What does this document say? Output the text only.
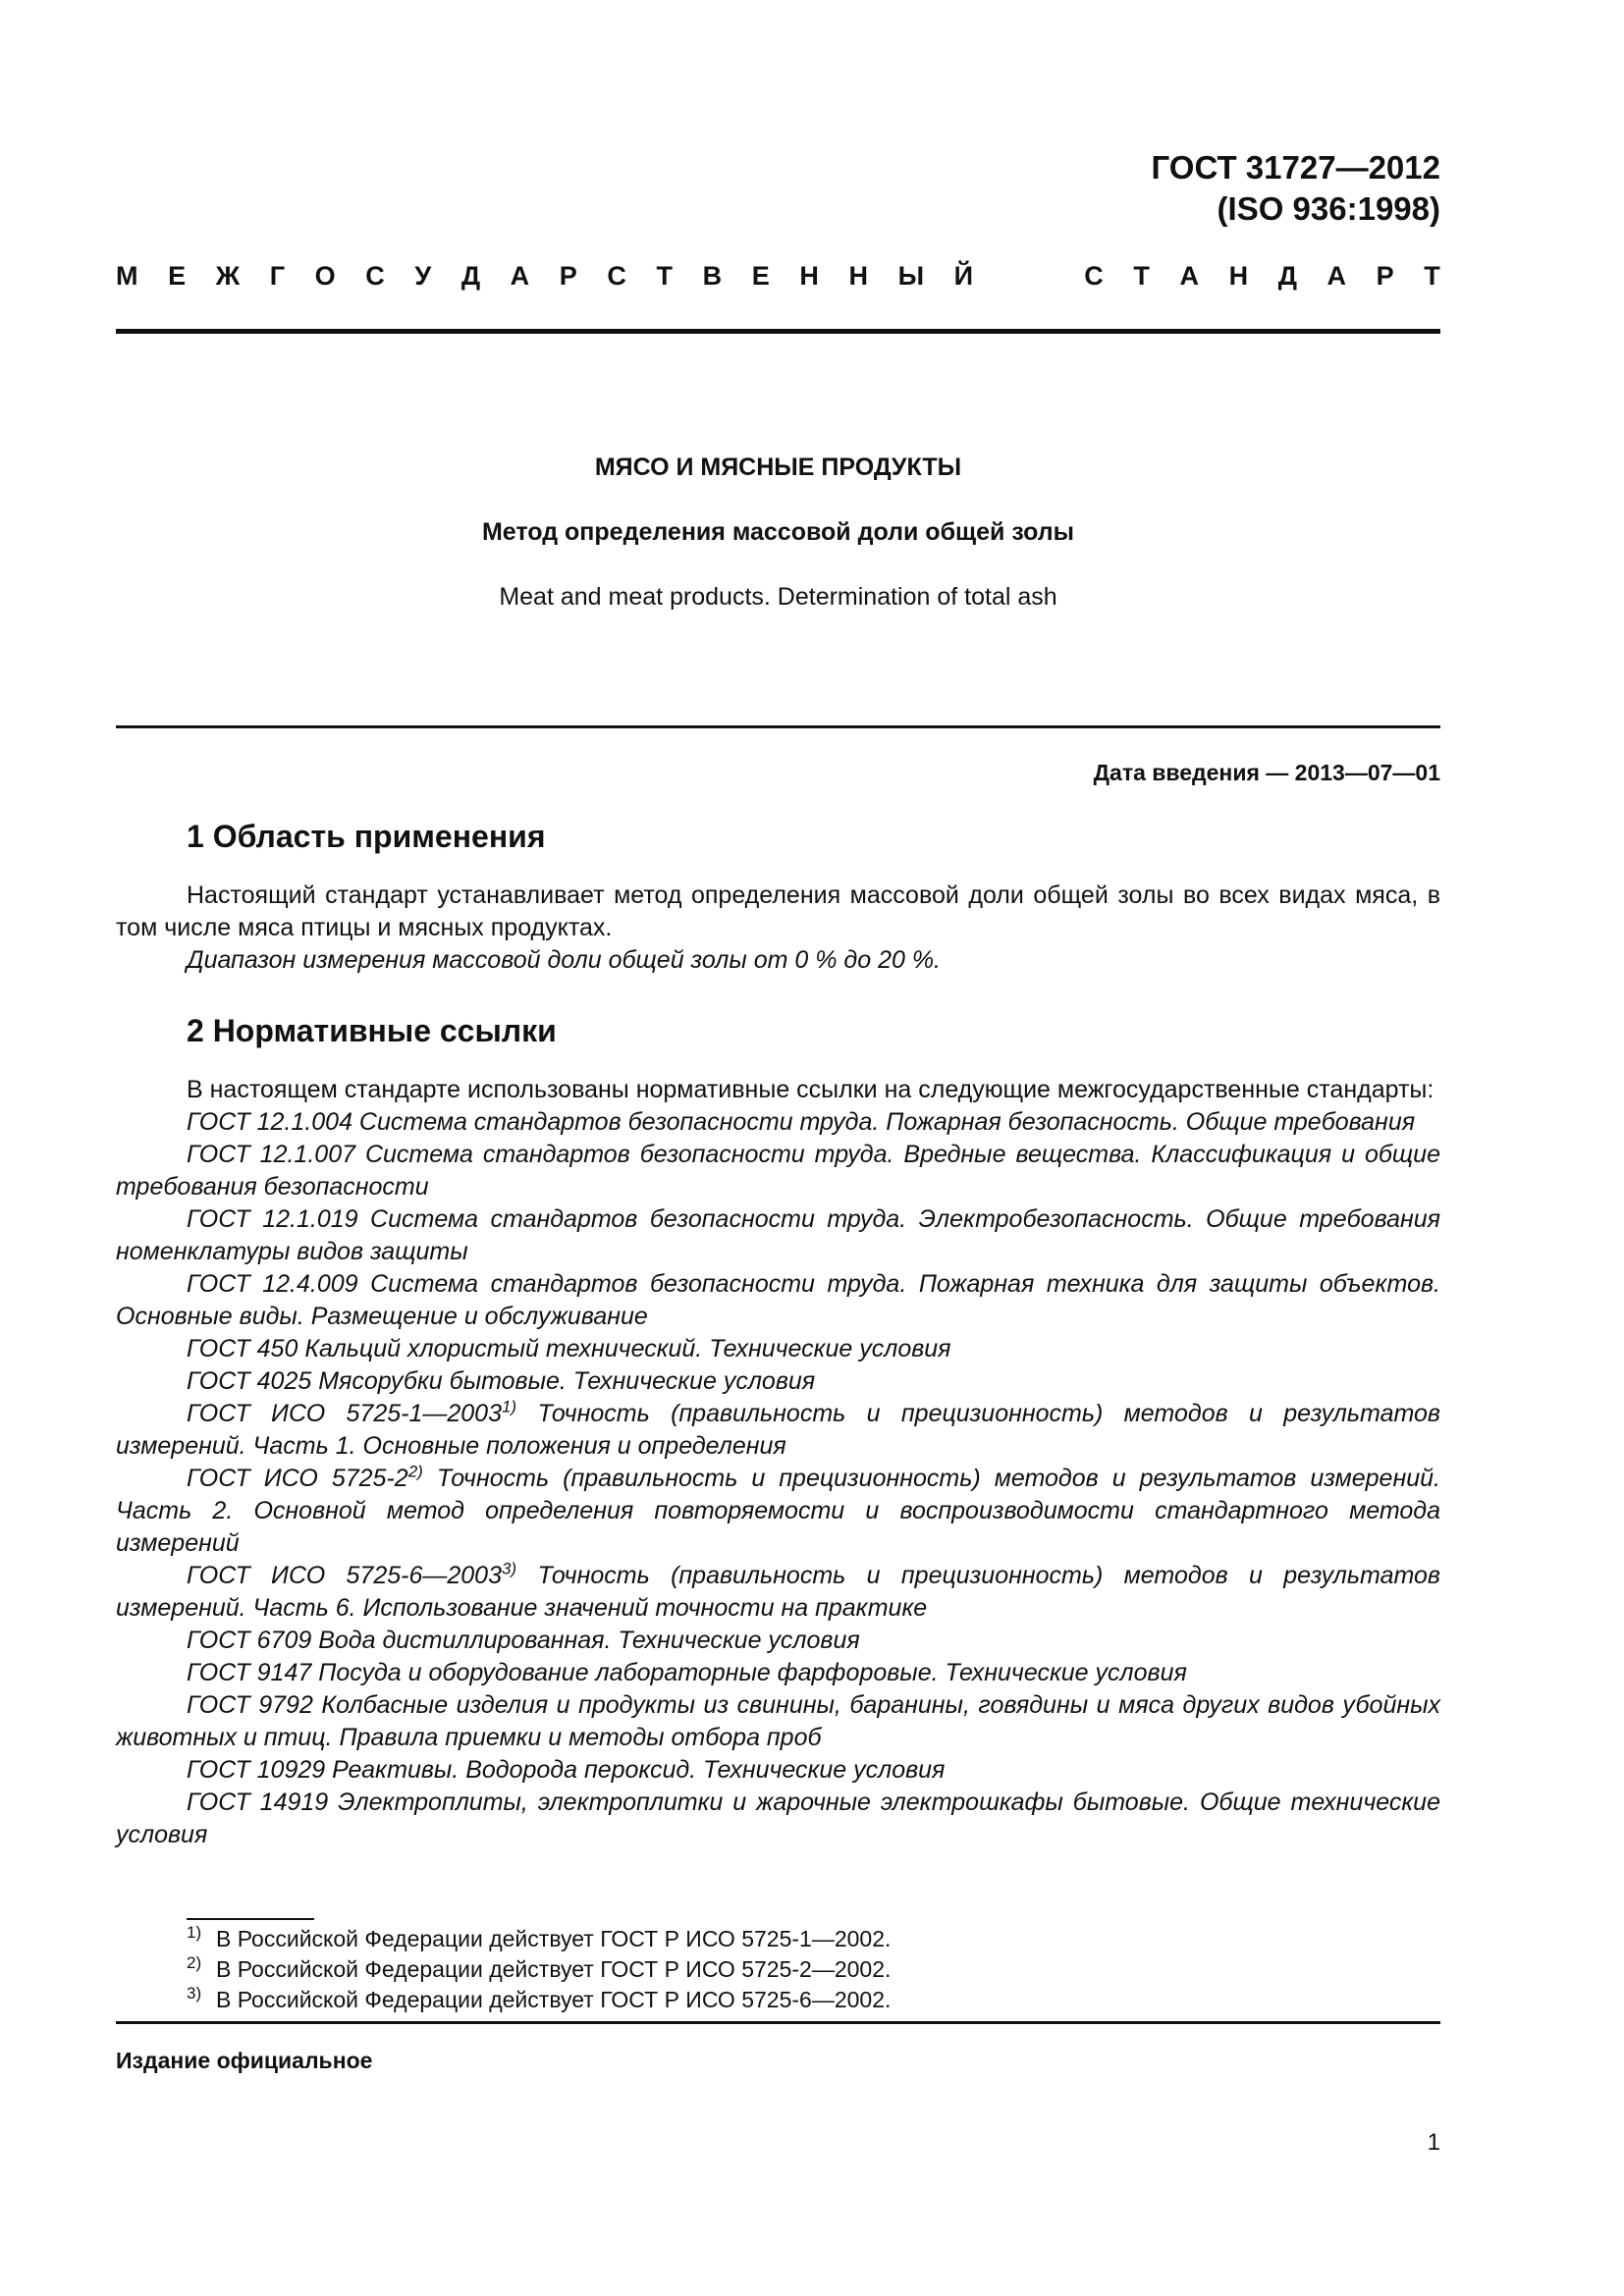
ГОСТ 31727—2012
(ISO 936:1998)
М Е Ж Г О С У Д А Р С Т В Е Н Н Ы Й	С Т А Н Д А Р Т
МЯСО И МЯСНЫЕ ПРОДУКТЫ
Метод определения массовой доли общей золы
Meat and meat products. Determination of total ash
Дата введения — 2013—07—01
1 Область применения

Настоящий стандарт устанавливает метод определения массовой доли общей золы во всех видах мяса, в том числе мяса птицы и мясных продуктах.

Диапазон измерения массовой доли общей золы от 0 % до 20 %.

2 Нормативные ссылки

В настоящем стандарте использованы нормативные ссылки на следующие межгосударственные стандарты:

ГОСТ 12.1.004 Система стандартов безопасности труда. Пожарная безопасность. Общие требования

ГОСТ 12.1.007 Система стандартов безопасности труда. Вредные вещества. Классификация и общие требования безопасности

ГОСТ 12.1.019 Система стандартов безопасности труда. Электробезопасность. Общие требования номенклатуры видов защиты

ГОСТ 12.4.009 Система стандартов безопасности труда. Пожарная техника для защиты объектов. Основные виды. Размещение и обслуживание

ГОСТ 450 Кальций хлористый технический. Технические условия

ГОСТ 4025 Мясорубки бытовые. Технические условия

ГОСТ ИСО 5725-1—2003$^{1)}$ Точность (правильность и прецизионность) методов и результатов измерений. Часть 1. Основные положения и определения

ГОСТ ИСО 5725-2$^{2)}$ Точность (правильность и прецизионность) методов и результатов измерений. Часть 2. Основной метод определения повторяемости и воспроизводимости стандартного метода измерений

ГОСТ ИСО 5725-6—2003$^{3)}$ Точность (правильность и прецизионность) методов и результатов измерений. Часть 6. Использование значений точности на практике

ГОСТ 6709 Вода дистиллированная. Технические условия

ГОСТ 9147 Посуда и оборудование лабораторные фарфоровые. Технические условия

ГОСТ 9792 Колбасные изделия и продукты из свинины, баранины, говядины и мяса других видов убойных животных и птиц. Правила приемки и методы отбора проб

ГОСТ 10929 Реактивы. Водорода пероксид. Технические условия

ГОСТ 14919 Электроплиты, электроплитки и жарочные электрошкафы бытовые. Общие технические условия

1) В Российской Федерации действует ГОСТ Р ИСО 5725-1—2002.
2) В Российской Федерации действует ГОСТ Р ИСО 5725-2—2002.
3) В Российской Федерации действует ГОСТ Р ИСО 5725-6—2002.
Издание официальное
1
